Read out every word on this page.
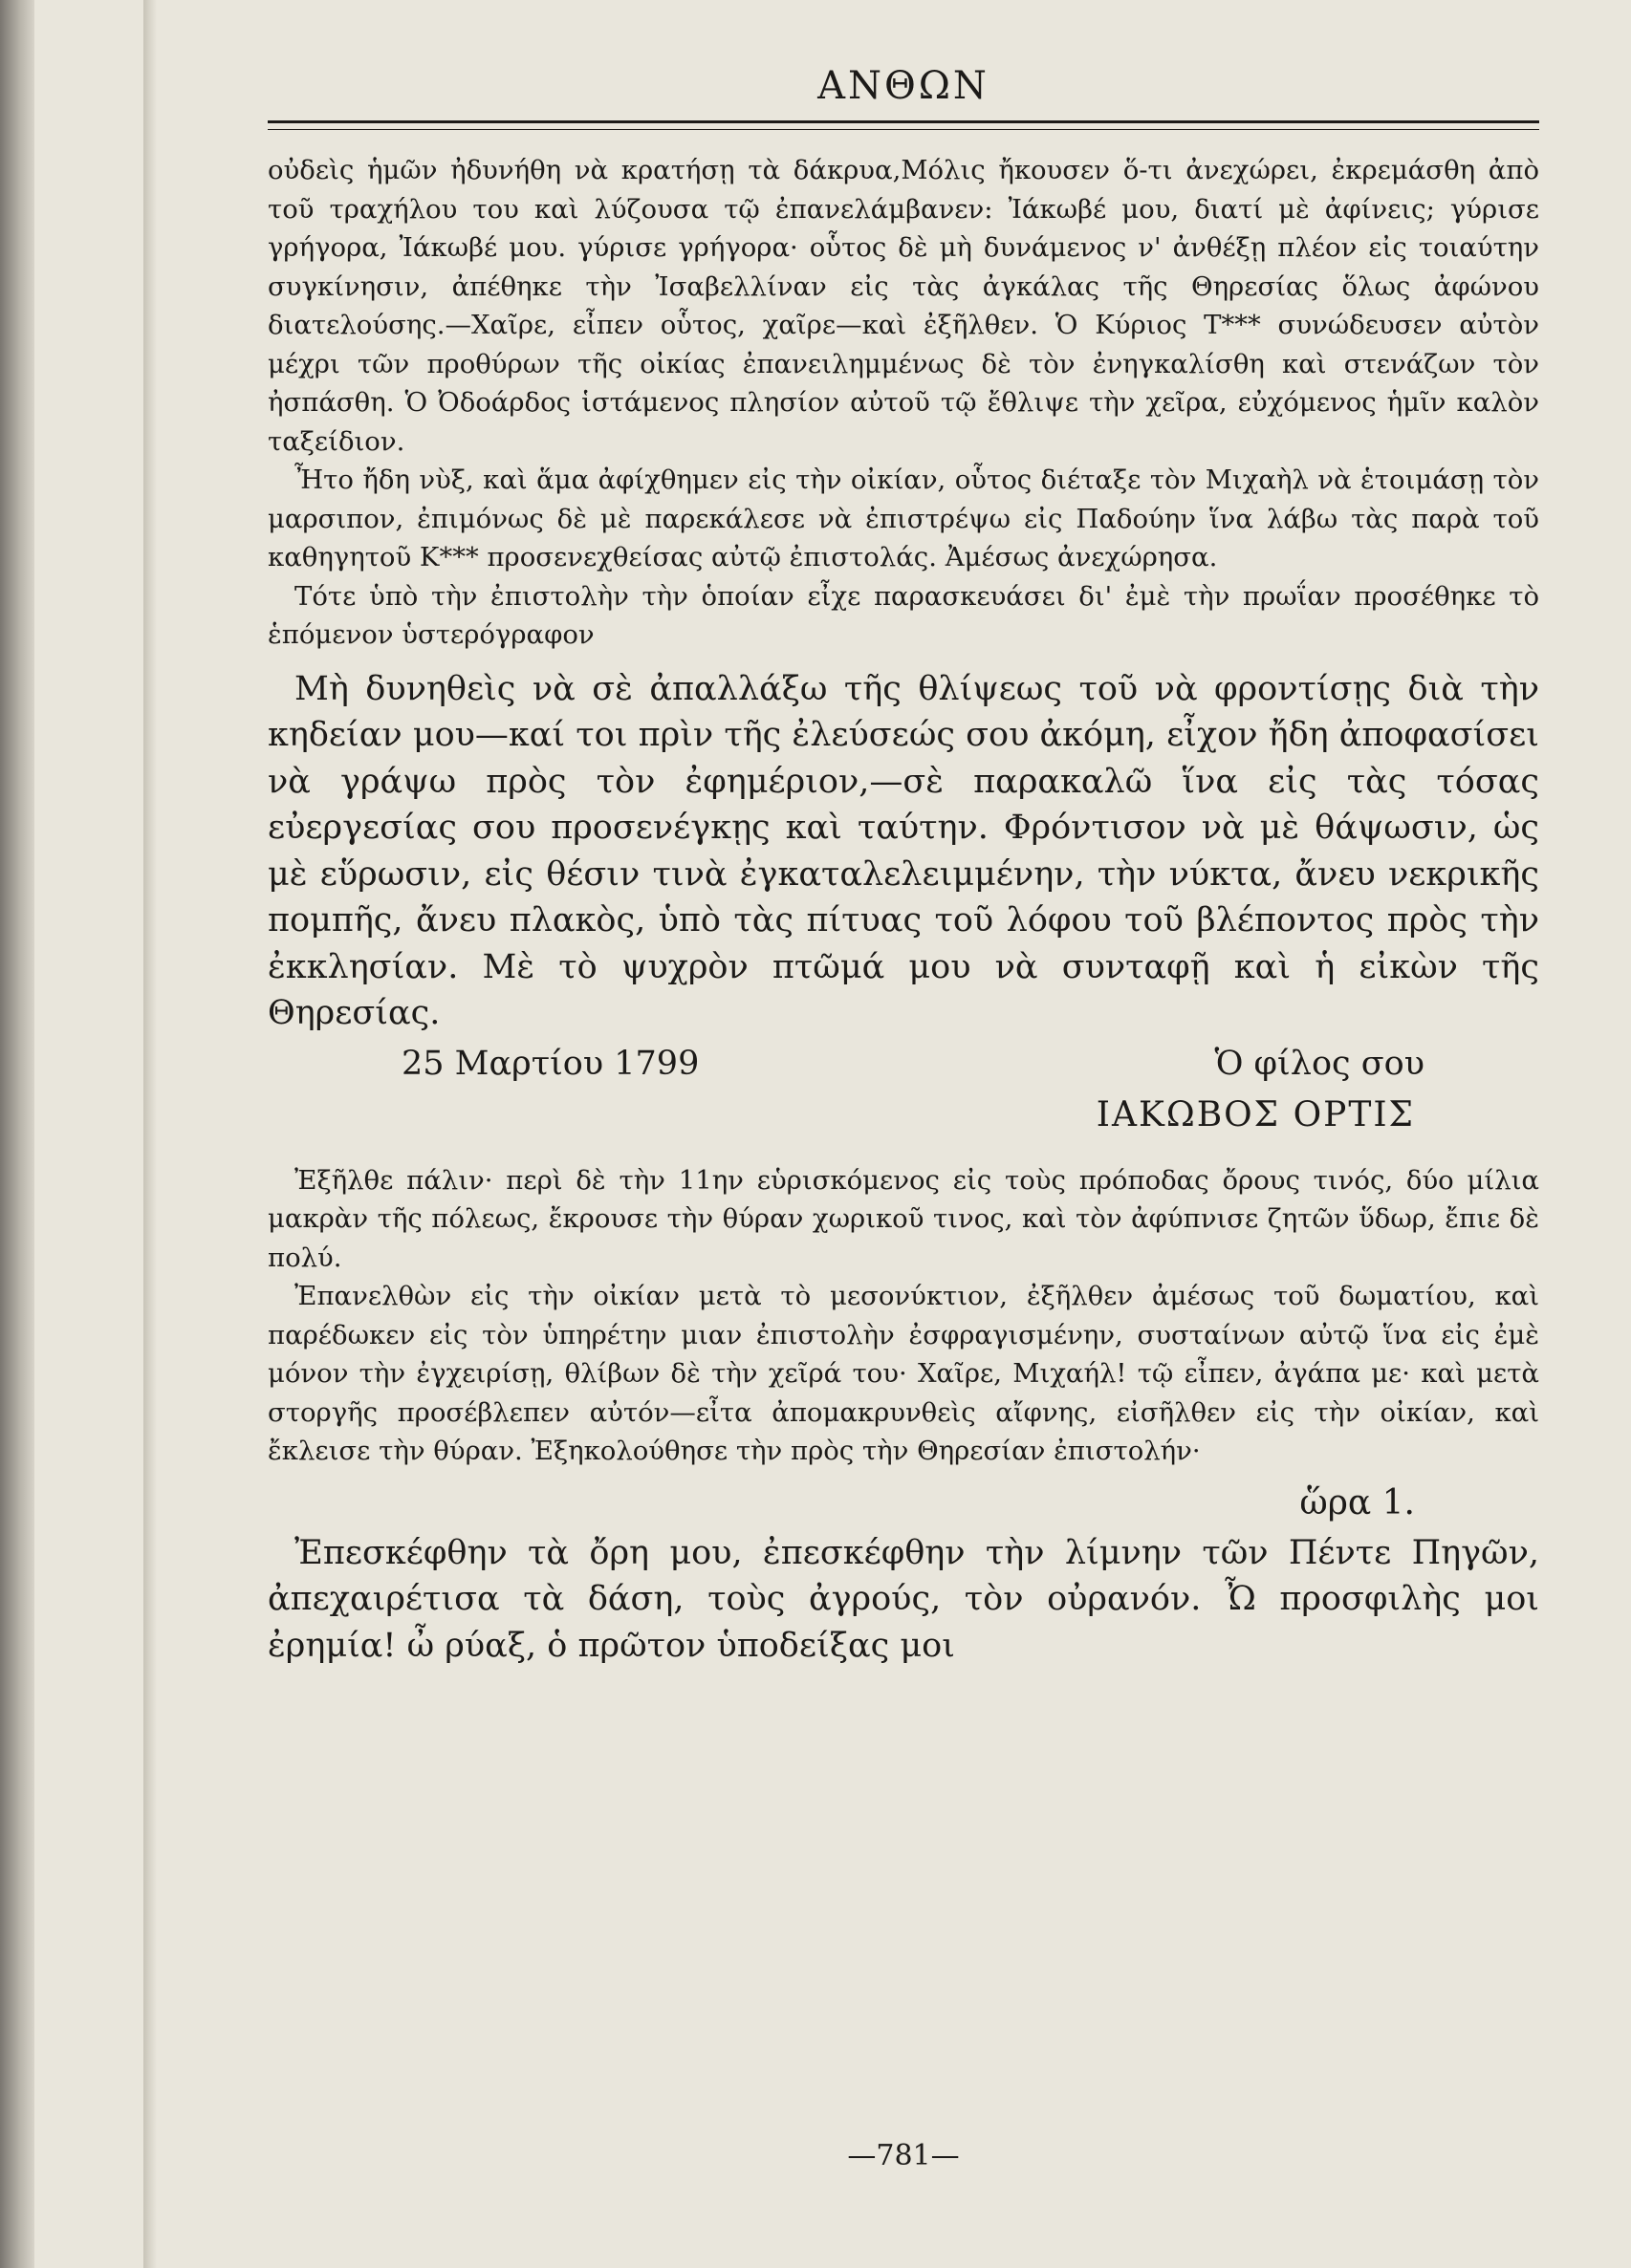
ΑΝΘΩΝ

οὐδεὶς ἡμῶν ἠδυνήθη νὰ κρατήσῃ τὰ δάκρυα,Μόλις ἤκουσεν ὅ-τι ἀνεχώρει, ἐκρεμάσθη ἀπὸ τοῦ τραχήλου του καὶ λύζουσα τῷ ἐπανελάμβανεν: Ἰάκωβέ μου, διατί μὲ ἀφίνεις; γύρισε γρήγορα, Ἰάκωβέ μου. γύρισε γρήγορα· οὗτος δὲ μὴ δυνάμενος ν' ἀνθέξῃ πλέον εἰς τοιαύτην συγκίνησιν, ἀπέθηκε τὴν Ἰσαβελλίναν εἰς τὰς ἀγκάλας τῆς Θηρεσίας ὅλως ἀφώνου διατελούσης.—Χαῖρε, εἶπεν οὗτος, χαῖρε—καὶ ἐξῆλθεν. Ὁ Κύριος Τ*** συνώδευσεν αὐτὸν μέχρι τῶν προθύρων τῆς οἰκίας ἐπανειλημμένως δὲ τὸν ἐνηγκαλίσθη καὶ στενάζων τὸν ἠσπάσθη. Ὁ Ὀδοάρδος ἱστάμενος πλησίον αὐτοῦ τῷ ἔθλιψε τὴν χεῖρα, εὐχόμενος ἡμῖν καλὸν ταξείδιον.

Ἦτο ἤδη νὺξ, καὶ ἅμα ἀφίχθημεν εἰς τὴν οἰκίαν, οὗτος διέταξε τὸν Μιχαὴλ νὰ ἑτοιμάσῃ τὸν μαρσιπον, ἐπιμόνως δὲ μὲ παρεκάλεσε νὰ ἐπιστρέψω εἰς Παδούην ἵνα λάβω τὰς παρὰ τοῦ καθηγητοῦ Κ*** προσενεχθείσας αὐτῷ ἐπιστολάς. Ἀμέσως ἀνεχώρησα.

Τότε ὑπὸ τὴν ἐπιστολὴν τὴν ὁποίαν εἶχε παρασκευάσει δι' ἐμὲ τὴν πρωΐαν προσέθηκε τὸ ἑπόμενον ὑστερόγραφον

Μὴ δυνηθεὶς νὰ σὲ ἀπαλλάξω τῆς θλίψεως τοῦ νὰ φροντίσῃς διὰ τὴν κηδείαν μου—καί τοι πρὶν τῆς ἐλεύσεώς σου ἀκόμη, εἶχον ἤδη ἀποφασίσει νὰ γράψω πρὸς τὸν ἐφημέριον,—σὲ παρακαλῶ ἵνα εἰς τὰς τόσας εὐεργεσίας σου προσενέγκῃς καὶ ταύτην. Φρόντισον νὰ μὲ θάψωσιν, ὡς μὲ εὕρωσιν, εἰς θέσιν τινὰ ἐγκαταλελειμμένην, τὴν νύκτα, ἄνευ νεκρικῆς πομπῆς, ἄνευ πλακὸς, ὑπὸ τὰς πίτυας τοῦ λόφου τοῦ βλέποντος πρὸς τὴν ἐκκλησίαν. Μὲ τὸ ψυχρὸν πτῶμά μου νὰ συνταφῇ καὶ ἡ εἰκὼν τῆς Θηρεσίας.

25 Μαρτίου 1799	Ὁ φίλος σου
ΙΑΚΩΒΟΣ ΟΡΤΙΣ

Ἐξῆλθε πάλιν· περὶ δὲ τὴν 11ην εὑρισκόμενος εἰς τοὺς πρόποδας ὄρους τινός, δύο μίλια μακρὰν τῆς πόλεως, ἔκρουσε τὴν θύραν χωρικοῦ τινος, καὶ τὸν ἀφύπνισε ζητῶν ὕδωρ, ἔπιε δὲ πολύ.

Ἐπανελθὼν εἰς τὴν οἰκίαν μετὰ τὸ μεσονύκτιον, ἐξῆλθεν ἀμέσως τοῦ δωματίου, καὶ παρέδωκεν εἰς τὸν ὑπηρέτην μιαν ἐπιστολὴν ἐσφραγισμένην, συσταίνων αὐτῷ ἵνα εἰς ἐμὲ μόνον τὴν ἐγχειρίσῃ, θλίβων δὲ τὴν χεῖρά του· Χαῖρε, Μιχαήλ! τῷ εἶπεν, ἀγάπα με· καὶ μετὰ στοργῆς προσέβλεπεν αὐτόν—εἶτα ἀπομακρυνθεὶς αἴφνης, εἰσῆλθεν εἰς τὴν οἰκίαν, καὶ ἔκλεισε τὴν θύραν. Ἐξηκολούθησε τὴν πρὸς τὴν Θηρεσίαν ἐπιστολήν·

ὥρα 1.

Ἐπεσκέφθην τὰ ὄρη μου, ἐπεσκέφθην τὴν λίμνην τῶν Πέντε Πηγῶν, ἀπεχαιρέτισα τὰ δάση, τοὺς ἀγρούς, τὸν οὐρανόν. Ὦ προσφιλὴς μοι ἐρημία! ὦ ρύαξ, ὁ πρῶτον ὑποδείξας μοι

—781—
